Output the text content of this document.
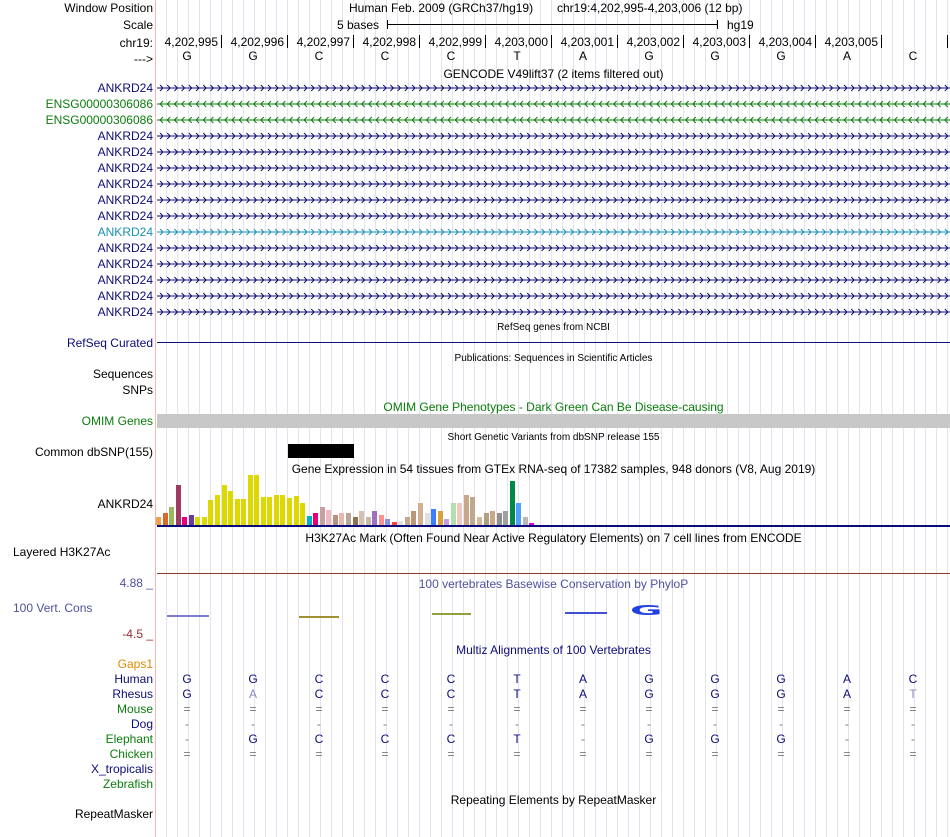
Window Position
Scale
chr19:
--->
Human Feb. 2009 (GRCh37/hg19) chr19:4,202,995-4,203,006 (12 bp)
5 bases	hg19
4,202,995	4,202,996	4,202,997	4,202,998	4,202,999	4,203,000	4,203,001	4,203,002	4,203,003	4,203,004	4,203,005
G	G	C	C	C	T	A	G	G	G	A	C
GENCODE V49lift37 (2 items filtered out)
ANKRD24
ENSG00000306086
ENSG00000306086
ANKRD24
ANKRD24
ANKRD24
ANKRD24
ANKRD24
ANKRD24
ANKRD24
ANKRD24
ANKRD24
ANKRD24
ANKRD24
ANKRD24
RefSeq genes from NCBI
RefSeq Curated
Publications: Sequences in Scientific Articles
Sequences
SNPs
OMIM Gene Phenotypes - Dark Green Can Be Disease-causing
OMIM Genes
Short Genetic Variants from dbSNP release 155
Common dbSNP(155)
Gene Expression in 54 tissues from GTEx RNA-seq of 17382 samples, 948 donors (V8, Aug 2019)
ANKRD24
H3K27Ac Mark (Often Found Near Active Regulatory Elements) on 7 cell lines from ENCODE
Layered H3K27Ac
100 vertebrates Basewise Conservation by PhyloP
4.88 _
100 Vert. Cons
-4.5 _
G
Multiz Alignments of 100 Vertebrates
Gaps1
Human G	G	C	C	C	T	A	G	G	G	A	C
Rhesus G	A	C	C	C	T	A	G	G	G	A	T
Mouse	=	=	=	=	=	=	=	=	=	=	=	=
Dog	-	-	-	-	-	-	-	-	-	-	-	-
Elephant	-	G	C	C	C	T	-	G	G	G	-	-
Chicken	=	=	=	=	=	=	=	=	=	=	=	=
X_tropicalis
Zebrafish
Repeating Elements by RepeatMasker
RepeatMasker
